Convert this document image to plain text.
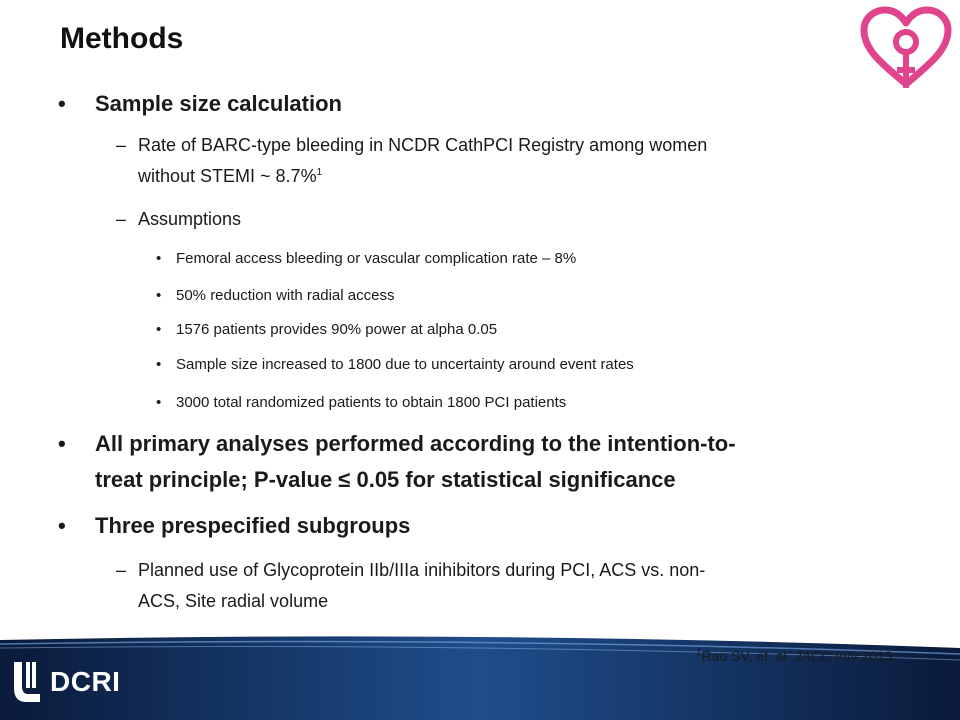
Methods
• Sample size calculation
– Rate of BARC-type bleeding in NCDR CathPCI Registry among women
without STEMI ~ 8.7%$^1$
– Assumptions
• Femoral access bleeding or vascular complication rate – 8%
• 50% reduction with radial access
• 1576 patients provides 90% power at alpha 0.05
• Sample size increased to 1800 due to uncertainty around event rates
• 3000 total randomized patients to obtain 1800 PCI patients
• All primary analyses performed according to the intention-to-
treat principle; P-value ≤ 0.05 for statistical significance
• Three prespecified subgroups
– Planned use of Glycoprotein IIb/IIIa inihibitors during PCI, ACS vs. non-
ACS, Site radial volume
$^1$Rao SV, et. al. JACC Intv 2013
DCRI
